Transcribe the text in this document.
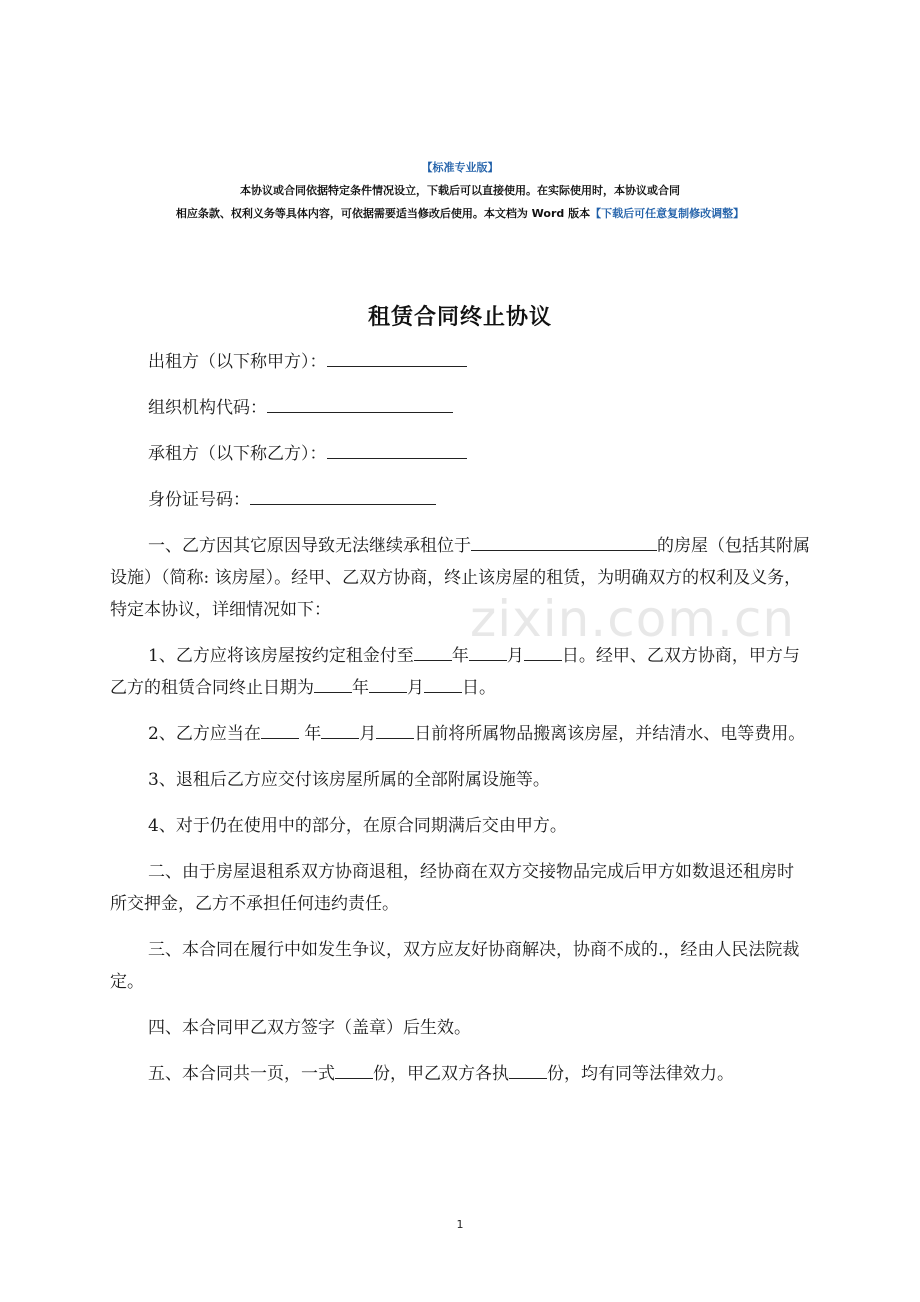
【标准专业版】
本协议或合同依据特定条件情况设立，下载后可以直接使用。在实际使用时，本协议或合同
相应条款、权利义务等具体内容，可依据需要适当修改后使用。本文档为 Word 版本【下载后可任意复制修改调整】
租赁合同终止协议

出租方（以下称甲方）：

组织机构代码：

承租方（以下称乙方）：

身份证号码：

一、乙方因其它原因导致无法继续承租位于	的房屋（包括其附属设施）（简称: 该房屋）。经甲、乙双方协商，终止该房屋的租赁，为明确双方的权利及义务，特定本协议，详细情况如下：

1、乙方应将该房屋按约定租金付至 年 月 日。经甲、乙双方协商，甲方与乙方的租赁合同终止日期为 年 月 日。

2、乙方应当在	年 月 日前将所属物品搬离该房屋，并结清水、电等费用。

3、退租后乙方应交付该房屋所属的全部附属设施等。

4、对于仍在使用中的部分，在原合同期满后交由甲方。

二、由于房屋退租系双方协商退租，经协商在双方交接物品完成后甲方如数退还租房时所交押金，乙方不承担任何违约责任。

三、本合同在履行中如发生争议，双方应友好协商解决，协商不成的.，经由人民法院裁定。

四、本合同甲乙双方签字（盖章）后生效。

五、本合同共一页，一式 份，甲乙双方各执 份，均有同等法律效力。

zixin.com.cn
1
